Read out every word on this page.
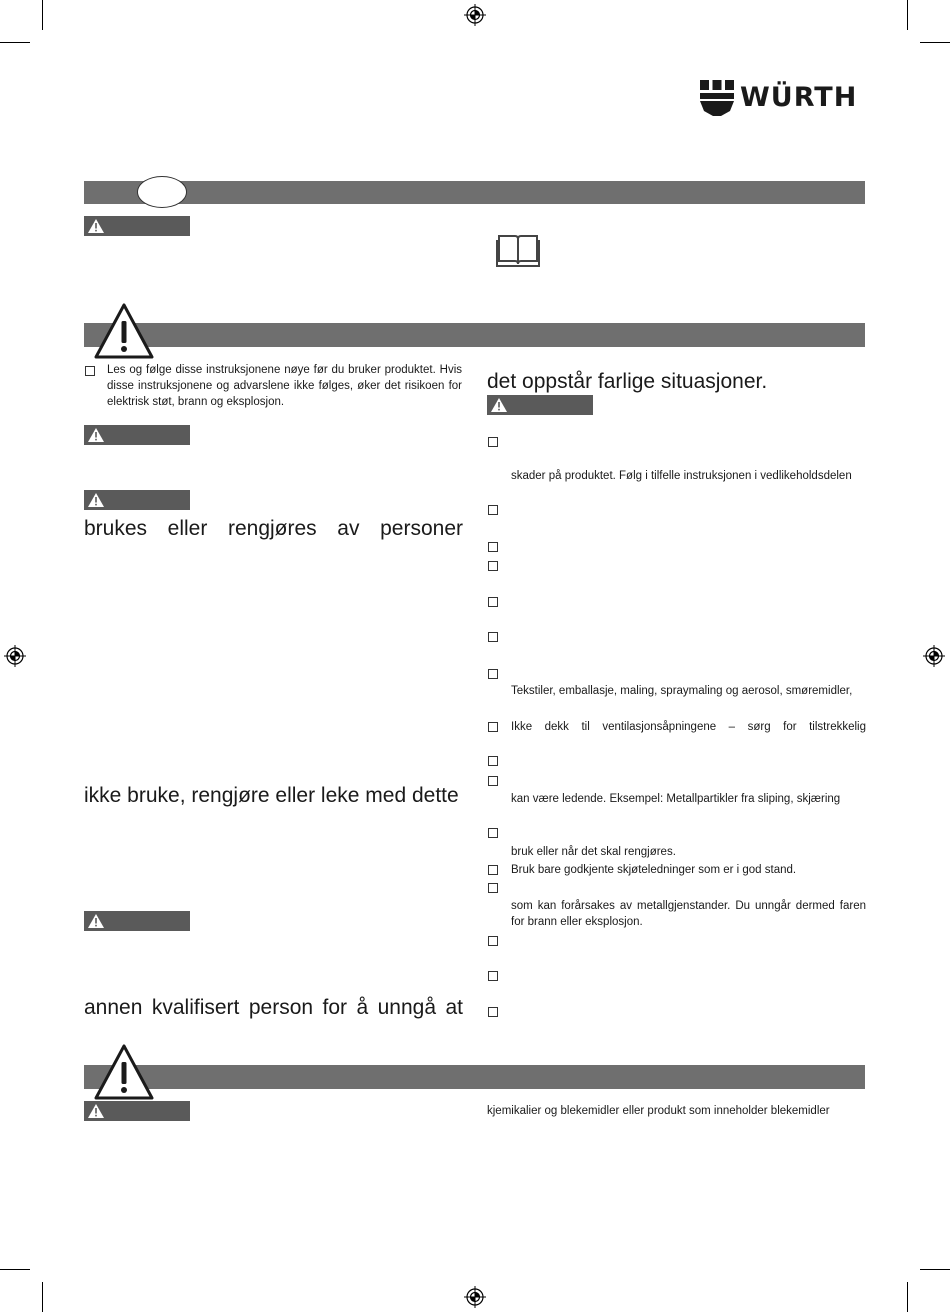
WÜRTH
Les og følge disse instruksjonene nøye før du bruker produktet. Hvis disse instruksjonene og advarslene ikke følges, øker det risikoen for elektrisk støt, brann og eksplosjon.
brukes eller rengjøres av personer
ikke bruke, rengjøre eller leke med dette
annen kvalifisert person for å unngå at
det oppstår farlige situasjoner.
skader på produktet. Følg i tilfelle instruksjonen i vedlikeholdsdelen
Tekstiler, emballasje, maling, spraymaling og aerosol, smøremidler,
Ikke dekk til ventilasjonsåpningene – sørg for tilstrekkelig
kan være ledende. Eksempel: Metallpartikler fra sliping, skjæring
bruk eller når det skal rengjøres.
Bruk bare godkjente skjøteledninger som er i god stand.
som kan forårsakes av metallgjenstander. Du unngår dermed faren for brann eller eksplosjon.
kjemikalier og blekemidler eller produkt som inneholder blekemidler
